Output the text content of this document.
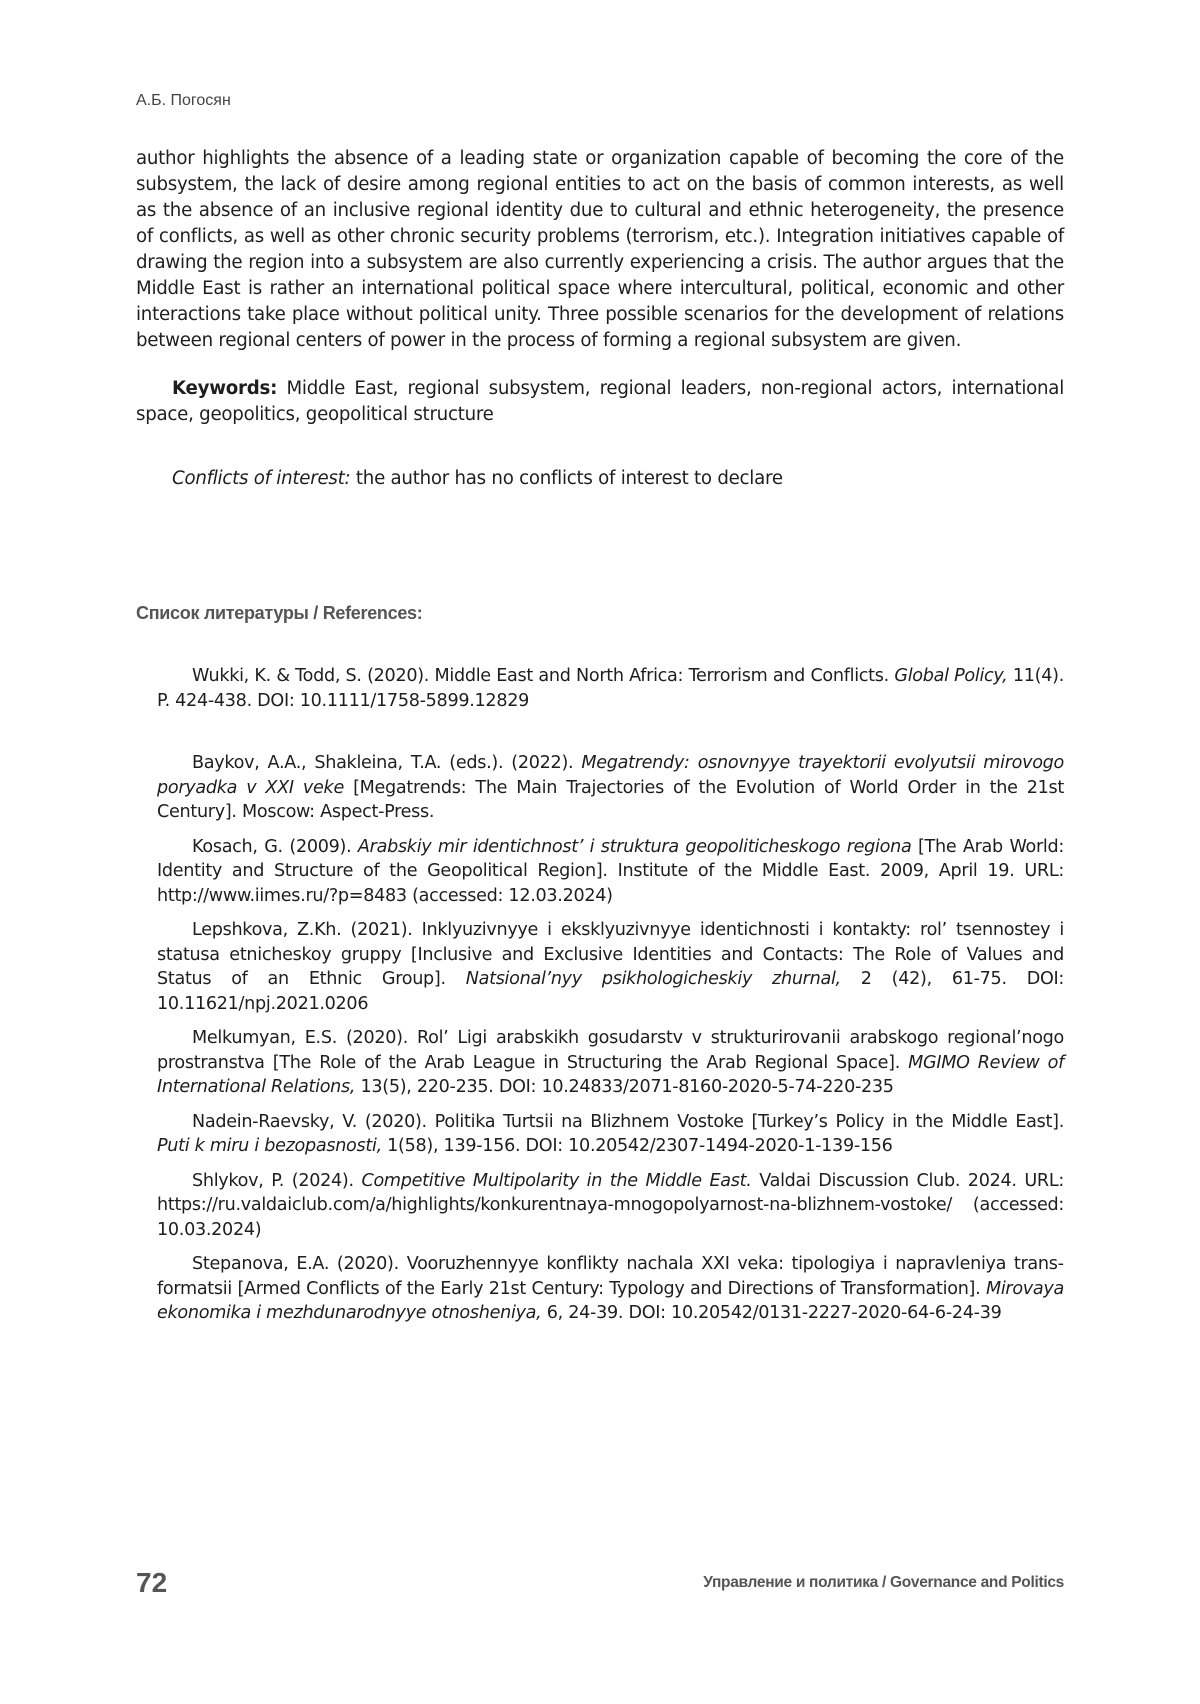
А.Б. Погосян

author highlights the absence of a leading state or organization capable of becoming the core of the subsystem, the lack of desire among regional entities to act on the basis of common interests, as well as the absence of an inclusive regional identity due to cultural and ethnic heterogeneity, the presence of conflicts, as well as other chronic security problems (terrorism, etc.). Integration initiatives capable of drawing the region into a subsystem are also currently experiencing a crisis. The author argues that the Middle East is rather an international political space where intercultural, political, economic and other interactions take place without political unity. Three possible scenarios for the development of relations between regional centers of power in the process of forming a regional subsystem are given.

Keywords: Middle East, regional subsystem, regional leaders, non-regional actors, international space, geopolitics, geopolitical structure

Conflicts of interest: the author has no conflicts of interest to declare

Список литературы / References:

Wukki, K. & Todd, S. (2020). Middle East and North Africa: Terrorism and Conflicts. Global Policy, 11(4). P. 424-438. DOI: 10.1111/1758-5899.12829

Baykov, A.A., Shakleina, T.A. (eds.). (2022). Megatrendy: osnovnyye trayektorii evolyutsii mirovogo poryadka v XXI veke [Megatrends: The Main Trajectories of the Evolution of World Order in the 21st Century]. Moscow: Aspect-Press.

Kosach, G. (2009). Arabskiy mir identichnost’ i struktura geopoliticheskogo regiona [The Arab World: Identity and Structure of the Geopolitical Region]. Institute of the Middle East. 2009, April 19. URL: http://www.iimes.ru/?p=8483 (accessed: 12.03.2024)

Lepshkova, Z.Kh. (2021). Inklyuzivnyye i eksklyuzivnyye identichnosti i kontakty: rol’ tsennostey i statusa etnicheskoy gruppy [Inclusive and Exclusive Identities and Contacts: The Role of Values and Status of an Ethnic Group]. Natsional’nyy psikhologicheskiy zhurnal, 2 (42), 61-75. DOI: 10.11621/npj.2021.0206

Melkumyan, E.S. (2020). Rol’ Ligi arabskikh gosudarstv v strukturirovanii arabskogo regional’nogo prostranstva [The Role of the Arab League in Structuring the Arab Regional Space]. MGIMO Review of International Relations, 13(5), 220-235. DOI: 10.24833/2071-8160-2020-5-74-220-235

Nadein-Raevsky, V. (2020). Politika Turtsii na Blizhnem Vostoke [Turkey’s Policy in the Middle East]. Puti k miru i bezopasnosti, 1(58), 139-156. DOI: 10.20542/2307-1494-2020-1-139-156

Shlykov, P. (2024). Competitive Multipolarity in the Middle East. Valdai Discussion Club. 2024. URL: https://ru.valdaiclub.com/a/highlights/konkurentnaya-mnogopolyarnost-na-blizhnem-vostoke/ (accessed: 10.03.2024)

Stepanova, E.A. (2020). Vooruzhennyye konflikty nachala XXI veka: tipologiya i napravleniya transformatsii [Armed Conflicts of the Early 21st Century: Typology and Directions of Transformation]. Mirovaya ekonomika i mezhdunarodnyye otnosheniya, 6, 24-39. DOI: 10.20542/0131-2227-2020-64-6-24-39

72	Управление и политика / Governance and Politics
